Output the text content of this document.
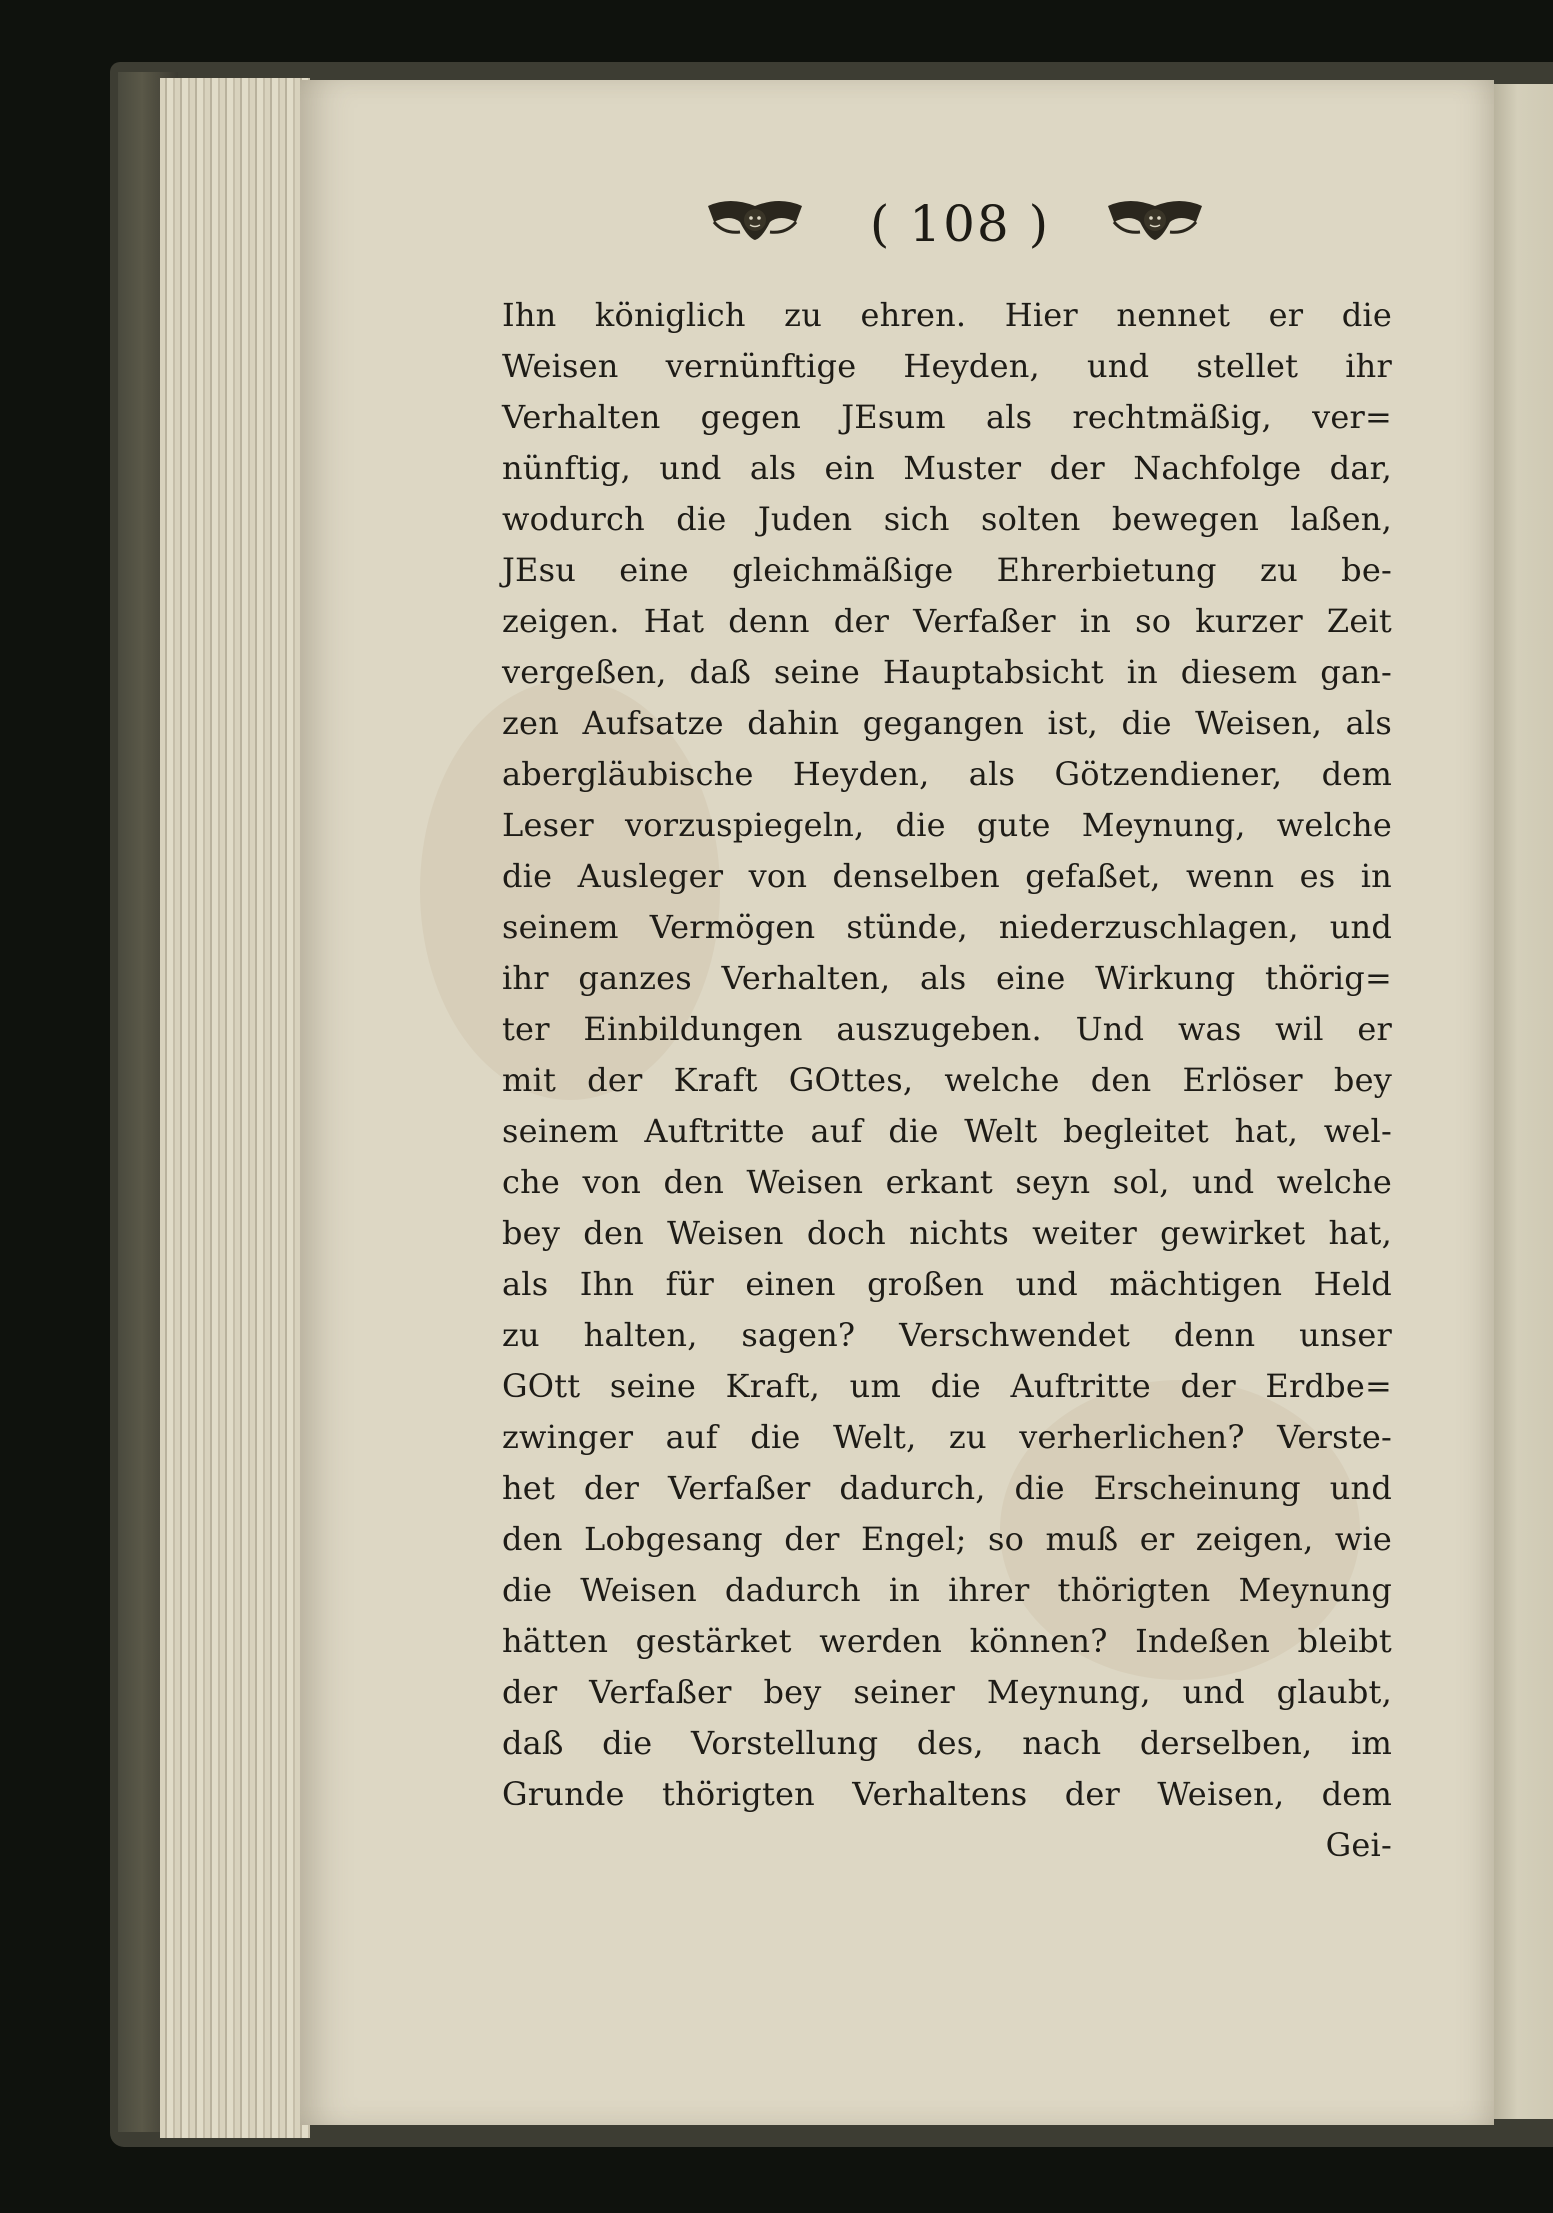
( 108 )
Ihn königlich zu ehren. Hier nennet er die
Weisen vernünftige Heyden, und stellet ihr
Verhalten gegen JEsum als rechtmäßig, ver=
nünftig, und als ein Muster der Nachfolge dar,
wodurch die Juden sich solten bewegen laßen,
JEsu eine gleichmäßige Ehrerbietung zu be-
zeigen. Hat denn der Verfaßer in so kurzer Zeit
vergeßen, daß seine Hauptabsicht in diesem gan-
zen Aufsatze dahin gegangen ist, die Weisen, als
abergläubische Heyden, als Götzendiener, dem
Leser vorzuspiegeln, die gute Meynung, welche
die Ausleger von denselben gefaßet, wenn es in
seinem Vermögen stünde, niederzuschlagen, und
ihr ganzes Verhalten, als eine Wirkung thörig=
ter Einbildungen auszugeben. Und was wil er
mit der Kraft GOttes, welche den Erlöser bey
seinem Auftritte auf die Welt begleitet hat, wel-
che von den Weisen erkant seyn sol, und welche
bey den Weisen doch nichts weiter gewirket hat,
als Ihn für einen großen und mächtigen Held
zu halten, sagen? Verschwendet denn unser
GOtt seine Kraft, um die Auftritte der Erdbe=
zwinger auf die Welt, zu verherlichen? Verste-
het der Verfaßer dadurch, die Erscheinung und
den Lobgesang der Engel; so muß er zeigen, wie
die Weisen dadurch in ihrer thörigten Meynung
hätten gestärket werden können? Indeßen bleibt
der Verfaßer bey seiner Meynung, und glaubt,
daß die Vorstellung des, nach derselben, im
Grunde thörigten Verhaltens der Weisen, dem
Gei-
